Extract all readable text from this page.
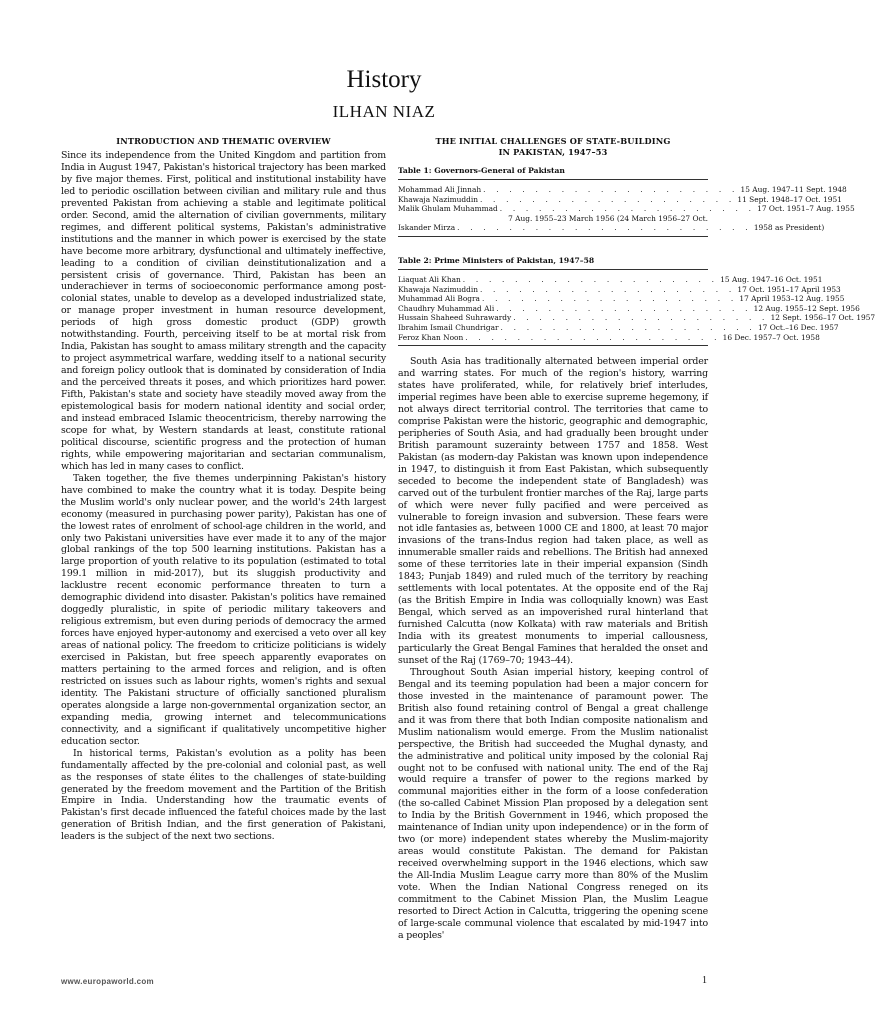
History
ILHAN NIAZ
INTRODUCTION AND THEMATIC OVERVIEW

Since its independence from the United Kingdom and partition from India in August 1947, Pakistan's historical trajectory has been marked by five major themes. First, political and institutional instability have led to periodic oscillation between civilian and military rule and thus prevented Pakistan from achieving a stable and legitimate political order. Second, amid the alternation of civilian governments, military regimes, and different political systems, Pakistan's administrative institutions and the manner in which power is exercised by the state have become more arbitrary, dysfunctional and ultimately ineffective, leading to a condition of civilian deinstitutionalization and a persistent crisis of governance. Third, Pakistan has been an underachiever in terms of socioeconomic performance among post-colonial states, unable to develop as a developed industrialized state, or manage proper investment in human resource development, periods of high gross domestic product (GDP) growth notwithstanding. Fourth, perceiving itself to be at mortal risk from India, Pakistan has sought to amass military strength and the capacity to project asymmetrical warfare, wedding itself to a national security and foreign policy outlook that is dominated by consideration of India and the perceived threats it poses, and which prioritizes hard power. Fifth, Pakistan's state and society have steadily moved away from the epistemological basis for modern national identity and social order, and instead embraced Islamic theocentricism, thereby narrowing the scope for what, by Western standards at least, constitute rational political discourse, scientific progress and the protection of human rights, while empowering majoritarian and sectarian communalism, which has led in many cases to conflict.

Taken together, the five themes underpinning Pakistan's history have combined to make the country what it is today. Despite being the Muslim world's only nuclear power, and the world's 24th largest economy (measured in purchasing power parity), Pakistan has one of the lowest rates of enrolment of school-age children in the world, and only two Pakistani universities have ever made it to any of the major global rankings of the top 500 learning institutions. Pakistan has a large proportion of youth relative to its population (estimated to total 199.1 million in mid-2017), but its sluggish productivity and lacklustre recent economic performance threaten to turn a demographic dividend into disaster. Pakistan's politics have remained doggedly pluralistic, in spite of periodic military takeovers and religious extremism, but even during periods of democracy the armed forces have enjoyed hyper-autonomy and exercised a veto over all key areas of national policy. The freedom to criticize politicians is widely exercised in Pakistan, but free speech apparently evaporates on matters pertaining to the armed forces and religion, and is often restricted on issues such as labour rights, women's rights and sexual identity. The Pakistani structure of officially sanctioned pluralism operates alongside a large non-governmental organization sector, an expanding media, growing internet and telecommunications connectivity, and a significant if qualitatively uncompetitive higher education sector.

In historical terms, Pakistan's evolution as a polity has been fundamentally affected by the pre-colonial and colonial past, as well as the responses of state élites to the challenges of state-building generated by the freedom movement and the Partition of the British Empire in India. Understanding how the traumatic events of Pakistan's first decade influenced the fateful choices made by the last generation of British Indian, and the first generation of Pakistani, leaders is the subject of the next two sections.

THE INITIAL CHALLENGES OF STATE-BUILDING
IN PAKISTAN, 1947–53
Table 1: Governors-General of Pakistan
Mohammad Ali Jinnah . . . . . . . . . . . . . . . . . . . . 15 Aug. 1947–11 Sept. 1948
Khawaja Nazimuddin . . . . . . . . . . . . . . . . . . . . 11 Sept. 1948–17 Oct. 1951
Malik Ghulam Muhammad . . . . . . . . . . . . . . . . . . . . 17 Oct. 1951–7 Aug. 1955
7 Aug. 1955–23 March 1956 (24 March 1956–27 Oct.
Iskander Mirza . . . . . . . . . . . . . . . . . . . . . . . 1958 as President)
Table 2: Prime Ministers of Pakistan, 1947–58
Liaquat Ali Khan . . . . . . . . . . . . . . . . . . . . 15 Aug. 1947–16 Oct. 1951
Khawaja Nazimuddin . . . . . . . . . . . . . . . . . . . . 17 Oct. 1951–17 April 1953
Muhammad Ali Bogra . . . . . . . . . . . . . . . . . . . . 17 April 1953–12 Aug. 1955
Chaudhry Muhammad Ali . . . . . . . . . . . . . . . . . . . . 12 Aug. 1955–12 Sept. 1956
Hussain Shaheed Suhrawardy . . . . . . . . . . . . . . . . . . . . 12 Sept. 1956–17 Oct. 1957
Ibrahim Ismail Chundrigar . . . . . . . . . . . . . . . . . . . . 17 Oct.–16 Dec. 1957
Feroz Khan Noon . . . . . . . . . . . . . . . . . . . . 16 Dec. 1957–7 Oct. 1958

South Asia has traditionally alternated between imperial order and warring states. For much of the region's history, warring states have proliferated, while, for relatively brief interludes, imperial regimes have been able to exercise supreme hegemony, if not always direct territorial control. The territories that came to comprise Pakistan were the historic, geographic and demographic, peripheries of South Asia, and had gradually been brought under British paramount suzerainty between 1757 and 1858. West Pakistan (as modern-day Pakistan was known upon independence in 1947, to distinguish it from East Pakistan, which subsequently seceded to become the independent state of Bangladesh) was carved out of the turbulent frontier marches of the Raj, large parts of which were never fully pacified and were perceived as vulnerable to foreign invasion and subversion. These fears were not idle fantasies as, between 1000 CE and 1800, at least 70 major invasions of the trans-Indus region had taken place, as well as innumerable smaller raids and rebellions. The British had annexed some of these territories late in their imperial expansion (Sindh 1843; Punjab 1849) and ruled much of the territory by reaching settlements with local potentates. At the opposite end of the Raj (as the British Empire in India was colloquially known) was East Bengal, which served as an impoverished rural hinterland that furnished Calcutta (now Kolkata) with raw materials and British India with its greatest monuments to imperial callousness, particularly the Great Bengal Famines that heralded the onset and sunset of the Raj (1769–70; 1943–44).

Throughout South Asian imperial history, keeping control of Bengal and its teeming population had been a major concern for those invested in the maintenance of paramount power. The British also found retaining control of Bengal a great challenge and it was from there that both Indian composite nationalism and Muslim nationalism would emerge. From the Muslim nationalist perspective, the British had succeeded the Mughal dynasty, and the administrative and political unity imposed by the colonial Raj ought not to be confused with national unity. The end of the Raj would require a transfer of power to the regions marked by communal majorities either in the form of a loose confederation (the so-called Cabinet Mission Plan proposed by a delegation sent to India by the British Government in 1946, which proposed the maintenance of Indian unity upon independence) or in the form of two (or more) independent states whereby the Muslim-majority areas would constitute Pakistan. The demand for Pakistan received overwhelming support in the 1946 elections, which saw the All-India Muslim League carry more than 80% of the Muslim vote. When the Indian National Congress reneged on its commitment to the Cabinet Mission Plan, the Muslim League resorted to Direct Action in Calcutta, triggering the opening scene of large-scale communal violence that escalated by mid-1947 into a peoples'

www.europaworld.com	1
